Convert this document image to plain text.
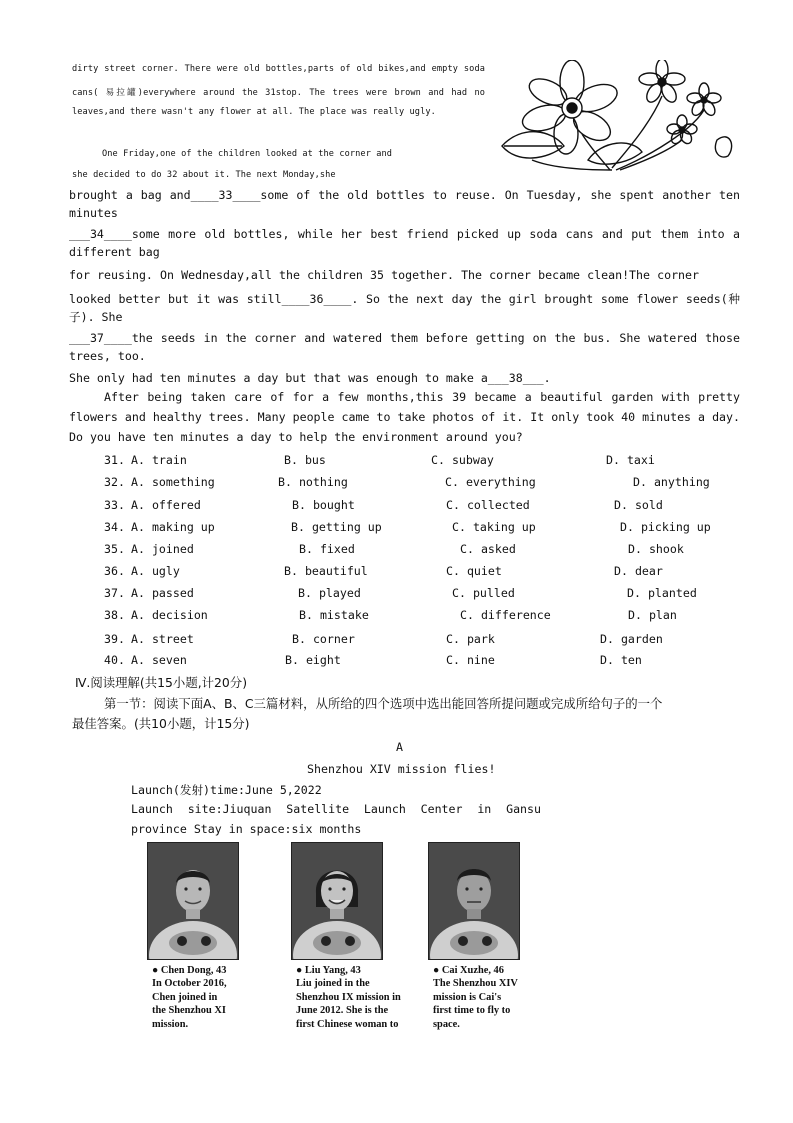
dirty street corner. There were old bottles,parts of old bikes,and empty soda
cans( 易拉罐)everywhere around the 31stop. The trees were brown and had no
leaves,and there wasn't any flower at all. The place was really ugly.
One Friday,one of the children looked at the corner and
she decided to do 32 about it. The next Monday,she
brought a bag and____33____some of the old bottles to reuse. On Tuesday, she spent another ten
minutes
___34____some more old bottles, while her best friend picked up soda cans and put them into a
different bag
for reusing. On Wednesday,all the children 35 together. The corner became clean!The corner
looked better but it was still____36____. So the next day the girl brought some flower seeds(种
子). She
___37____the seeds in the corner and watered them before getting on the bus. She watered those
trees, too.
She only had ten minutes a day but that was enough to make a___38___.
After being taken care of for a few months,this 39 became a beautiful garden with pretty
flowers and healthy trees. Many people came to take photos of it. It only took 40 minutes a day.
Do you have ten minutes a day to help the environment around you?
31. A. train	B. bus	C. subway	D. taxi
32. A. something	B. nothing	C. everything	D. anything
33. A. offered	B. bought	C. collected	D. sold
34. A. making up	B. getting up	C. taking up	D. picking up
35. A. joined	B. fixed	C. asked	D. shook
36. A. ugly	B. beautiful	C. quiet	D. dear
37. A. passed	B. played	C. pulled	D. planted
38. A. decision	B. mistake	C. difference	D. plan
39. A. street	B. corner	C. park	D. garden
40. A. seven	B. eight	C. nine	D. ten
Ⅳ.阅读理解(共15小题,计20分)
第一节：阅读下面A、B、C三篇材料，从所给的四个选项中选出能回答所提问题或完成所给句子的一个
最佳答案。(共10小题，计15分)
A
Shenzhou XIV mission flies!
Launch(发射)time:June 5,2022
Launch site:Jiuquan Satellite Launch Center in Gansu
province Stay in space:six months
● Chen Dong, 43
In October 2016,
Chen joined in
the Shenzhou XI
mission.
● Liu Yang, 43
Liu joined in the
Shenzhou IX mission in
June 2012. She is the
first Chinese woman to
● Cai Xuzhe, 46
The Shenzhou XIV
mission is Cai's
first time to fly to
space.
